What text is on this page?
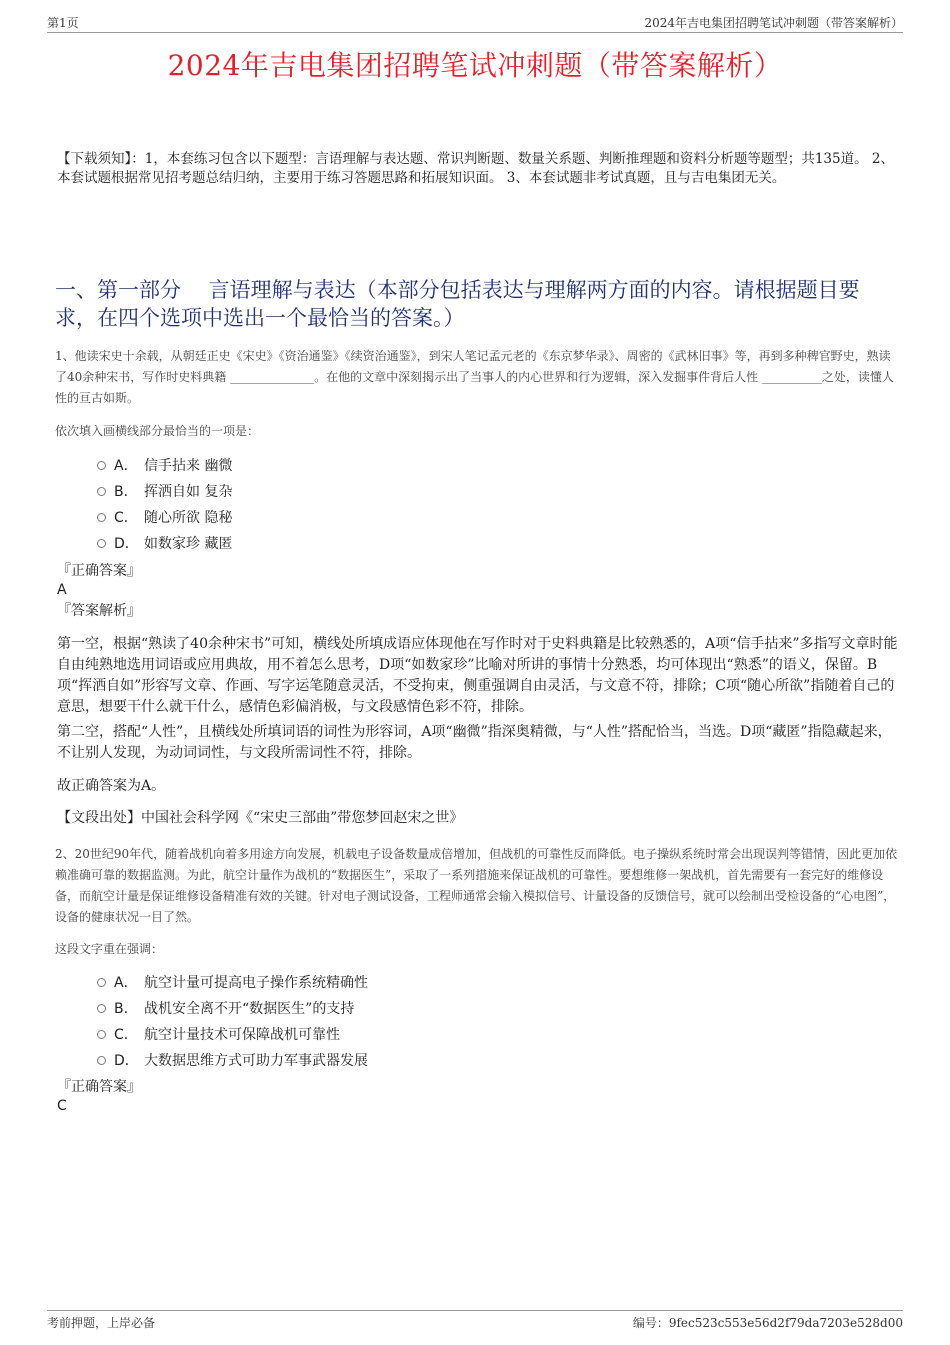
第1页	2024年吉电集团招聘笔试冲刺题（带答案解析）
2024年吉电集团招聘笔试冲刺题（带答案解析）
【下载须知】：1，本套练习包含以下题型：言语理解与表达题、常识判断题、数量关系题、判断推理题和资料分析题等题型；共135道。 2、本套试题根据常见招考题总结归纳，主要用于练习答题思路和拓展知识面。 3、本套试题非考试真题，且与吉电集团无关。
一、第一部分　 言语理解与表达（本部分包括表达与理解两方面的内容。请根据题目要求，在四个选项中选出一个最恰当的答案。）

1、他读宋史十余载，从朝廷正史《宋史》《资治通鉴》《续资治通鉴》，到宋人笔记孟元老的《东京梦华录》、周密的《武林旧事》等，再到多种稗官野史，熟读了40余种宋书，写作时史料典籍 ______________。在他的文章中深刻揭示出了当事人的内心世界和行为逻辑，深入发掘事件背后人性 __________之处，读懂人性的亘古如斯。

依次填入画横线部分最恰当的一项是：

A． 信手拈来 幽微
B． 挥洒自如 复杂
C． 随心所欲 隐秘
D． 如数家珍 藏匿
『正确答案』
A
『答案解析』

第一空，根据“熟读了40余种宋书”可知，横线处所填成语应体现他在写作时对于史料典籍是比较熟悉的，A项“信手拈来”多指写文章时能自由纯熟地选用词语或应用典故，用不着怎么思考，D项“如数家珍”比喻对所讲的事情十分熟悉，均可体现出“熟悉”的语义，保留。B项“挥洒自如”形容写文章、作画、写字运笔随意灵活，不受拘束，侧重强调自由灵活，与文意不符，排除；C项“随心所欲”指随着自己的意思，想要干什么就干什么，感情色彩偏消极，与文段感情色彩不符，排除。

第二空，搭配“人性”，且横线处所填词语的词性为形容词，A项“幽微”指深奥精微，与“人性”搭配恰当，当选。D项“藏匿”指隐藏起来，不让别人发现，为动词词性，与文段所需词性不符，排除。

故正确答案为A。

【文段出处】中国社会科学网《“宋史三部曲”带您梦回赵宋之世》

2、20世纪90年代，随着战机向着多用途方向发展，机载电子设备数量成倍增加，但战机的可靠性反而降低。电子操纵系统时常会出现误判等错情，因此更加依赖准确可靠的数据监测。为此，航空计量作为战机的“数据医生”，采取了一系列措施来保证战机的可靠性。要想维修一架战机，首先需要有一套完好的维修设备，而航空计量是保证维修设备精准有效的关键。针对电子测试设备，工程师通常会输入模拟信号、计量设备的反馈信号，就可以绘制出受检设备的“心电图”，设备的健康状况一目了然。

这段文字重在强调：

A． 航空计量可提高电子操作系统精确性
B． 战机安全离不开“数据医生”的支持
C． 航空计量技术可保障战机可靠性
D． 大数据思维方式可助力军事武器发展
『正确答案』
C
考前押题，上岸必备	编号：9fec523c553e56d2f79da7203e528d00
